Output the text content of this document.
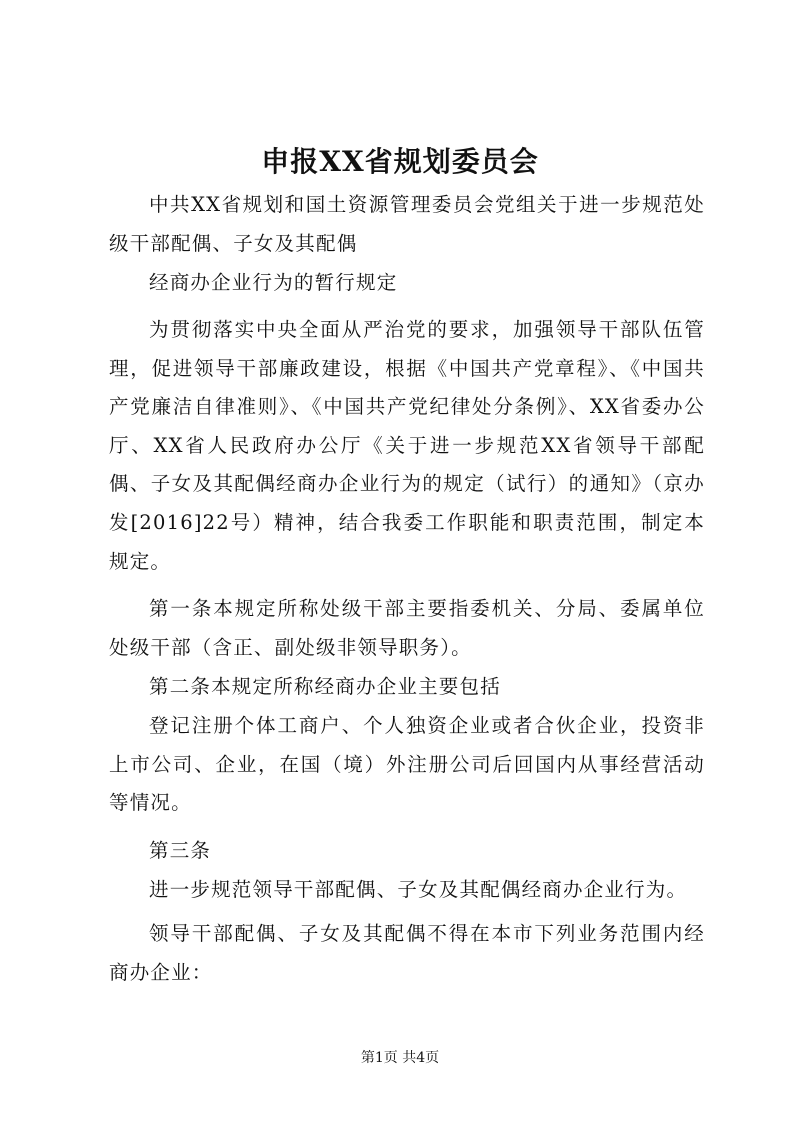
申报XX省规划委员会
中共XX省规划和国土资源管理委员会党组关于进一步规范处级干部配偶、子女及其配偶
经商办企业行为的暂行规定
为贯彻落实中央全面从严治党的要求，加强领导干部队伍管理，促进领导干部廉政建设，根据《中国共产党章程》、《中国共产党廉洁自律准则》、《中国共产党纪律处分条例》、XX省委办公厅、XX省人民政府办公厅《关于进一步规范XX省领导干部配偶、子女及其配偶经商办企业行为的规定（试行）的通知》（京办发[2016]22号）精神，结合我委工作职能和职责范围，制定本规定。
第一条本规定所称处级干部主要指委机关、分局、委属单位处级干部（含正、副处级非领导职务）。
第二条本规定所称经商办企业主要包括
登记注册个体工商户、个人独资企业或者合伙企业，投资非上市公司、企业，在国（境）外注册公司后回国内从事经营活动等情况。
第三条
进一步规范领导干部配偶、子女及其配偶经商办企业行为。
领导干部配偶、子女及其配偶不得在本市下列业务范围内经商办企业：
第1页 共4页
